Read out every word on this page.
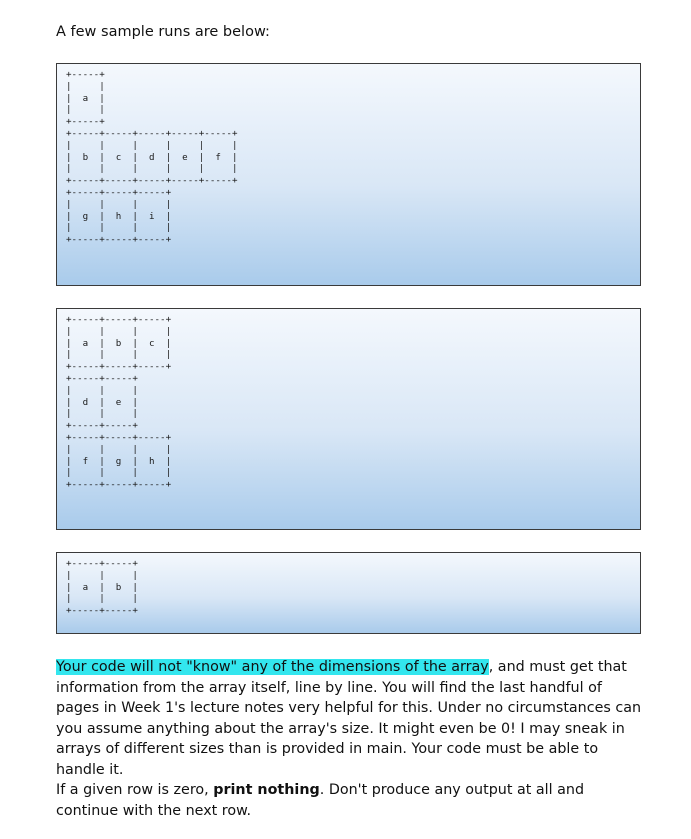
A few sample runs are below:

+-----+
|     |
|  a  |
|     |
+-----+
+-----+-----+-----+-----+-----+
|     |     |     |     |     |
|  b  |  c  |  d  |  e  |  f  |
|     |     |     |     |     |
+-----+-----+-----+-----+-----+
+-----+-----+-----+
|     |     |     |
|  g  |  h  |  i  |
|     |     |     |
+-----+-----+-----+
+-----+-----+-----+
|     |     |     |
|  a  |  b  |  c  |
|     |     |     |
+-----+-----+-----+
+-----+-----+
|     |     |
|  d  |  e  |
|     |     |
+-----+-----+
+-----+-----+-----+
|     |     |     |
|  f  |  g  |  h  |
|     |     |     |
+-----+-----+-----+
+-----+-----+
|     |     |
|  a  |  b  |
|     |     |
+-----+-----+

Your code will not "know" any of the dimensions of the array, and must get that information from the array itself, line by line. You will find the last handful of pages in Week 1's lecture notes very helpful for this. Under no circumstances can you assume anything about the array's size. It might even be 0! I may sneak in arrays of different sizes than is provided in main. Your code must be able to handle it.

If a given row is zero, print nothing. Don't produce any output at all and continue with the next row.
